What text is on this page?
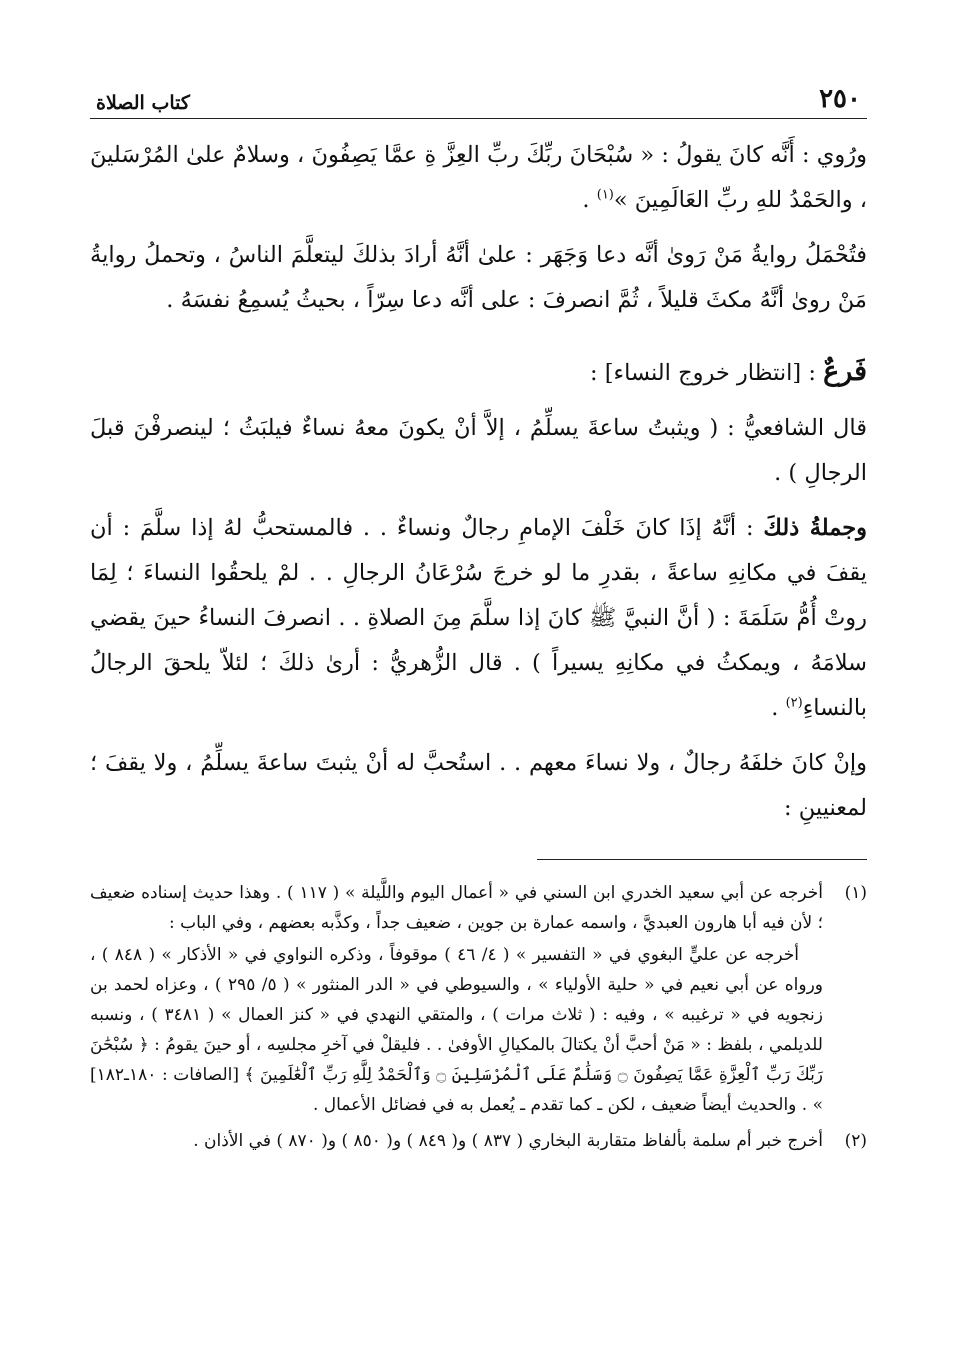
٢٥٠
كتاب الصلاة

ورُوي : أَنَّه كانَ يقولُ : « سُبْحَانَ ربِّكَ ربِّ العِزَّ ةِ عمَّا يَصِفُونَ ، وسلامٌ علىٰ المُرْسَلينَ ، والحَمْدُ للهِ ربِّ العَالَمِينَ »$^{(١)}$ .

فتُحْمَلُ روايةُ مَنْ رَوىٰ أنَّه دعا وَجَهَر : علىٰ أنَّهُ أرادَ بذلكَ ليتعلَّمَ الناسُ ، وتحملُ روايةُ مَنْ روىٰ أنَّهُ مكثَ قليلاً ، ثُمَّ انصرفَ : على أنَّه دعا سِرّاً ، بحيثُ يُسمِعُ نفسَهُ .

فَرعٌ : [انتظار خروج النساء] :

قال الشافعيُّ : ( ويثبتُ ساعةَ يسلِّمُ ، إلاَّ أنْ يكونَ معهُ نساءٌ فيلبَثُ ؛ لينصرفْنَ قبلَ الرجالِ ) .

وجملةُ ذلكَ : أنَّهُ إذَا كانَ خَلْفَ الإمامِ رجالٌ ونساءٌ . . فالمستحبُّ لهُ إذا سلَّمَ : أن يقفَ في مكانِهِ ساعةً ، بقدرِ ما لو خرجَ سُرْعَانُ الرجالِ . . لمْ يلحقُوا النساءَ ؛ لِمَا روتْ أُمُّ سَلَمَةَ : ( أنَّ النبيَّ ﷺ كانَ إذا سلَّمَ مِنَ الصلاةِ . . انصرفَ النساءُ حينَ يقضي سلامَهُ ، ويمكثُ في مكانِهِ يسيراً ) . قال الزُّهريُّ : أرىٰ ذلكَ ؛ لئلاّ يلحقَ الرجالُ بالنساءِ$^{(٢)}$ .

وإنْ كانَ خلفَهُ رجالٌ ، ولا نساءَ معهم . . استُحبَّ له أنْ يثبتَ ساعةَ يسلِّمُ ، ولا يقفَ ؛ لمعنيينِ :

(١)

أخرجه عن أبي سعيد الخدري ابن السني في « أعمال اليوم واللَّيلة » ( ١١٧ ) . وهذا حديث إسناده ضعيف ؛ لأن فيه أبا هارون العبديَّ ، واسمه عمارة بن جوين ، ضعيف جداً ، وكذَّبه بعضهم ، وفي الباب :

أخرجه عن عليٍّ البغوي في « التفسير » ( ٤/ ٤٦ ) موقوفاً ، وذكره النواوي في « الأذكار » ( ٨٤٨ ) ، ورواه عن أبي نعيم في « حلية الأولياء » ، والسيوطي في « الدر المنثور » ( ٥/ ٢٩٥ ) ، وعزاه لحمد بن زنجويه في « ترغيبه » ، وفيه : ( ثلاث مرات ) ، والمتقي النهدي في « كنز العمال » ( ٣٤٨١ ) ، ونسبه للديلمي ، بلفظ : « مَنْ أحبَّ أنْ يكتالَ بالمكيالِ الأوفىٰ . . فليقلْ في آخرِ مجلسِه ، أو حينَ يقومُ : ﴿ سُبْحَٰنَ رَبِّكَ رَبِّ ٱلْعِزَّةِ عَمَّا يَصِفُونَ ۝ وَسَلَٰمٌ عَلَى ٱلْمُرْسَلِينَ ۝ وَٱلْحَمْدُ لِلَّهِ رَبِّ ٱلْعَٰلَمِينَ ﴾ [الصافات : ١٨٠ـ١٨٢] » . والحديث أيضاً ضعيف ، لكن ـ كما تقدم ـ يُعمل به في فضائل الأعمال .

(٢)

أخرج خبر أم سلمة بألفاظ متقاربة البخاري ( ٨٣٧ ) و( ٨٤٩ ) و( ٨٥٠ ) و( ٨٧٠ ) في الأذان .
